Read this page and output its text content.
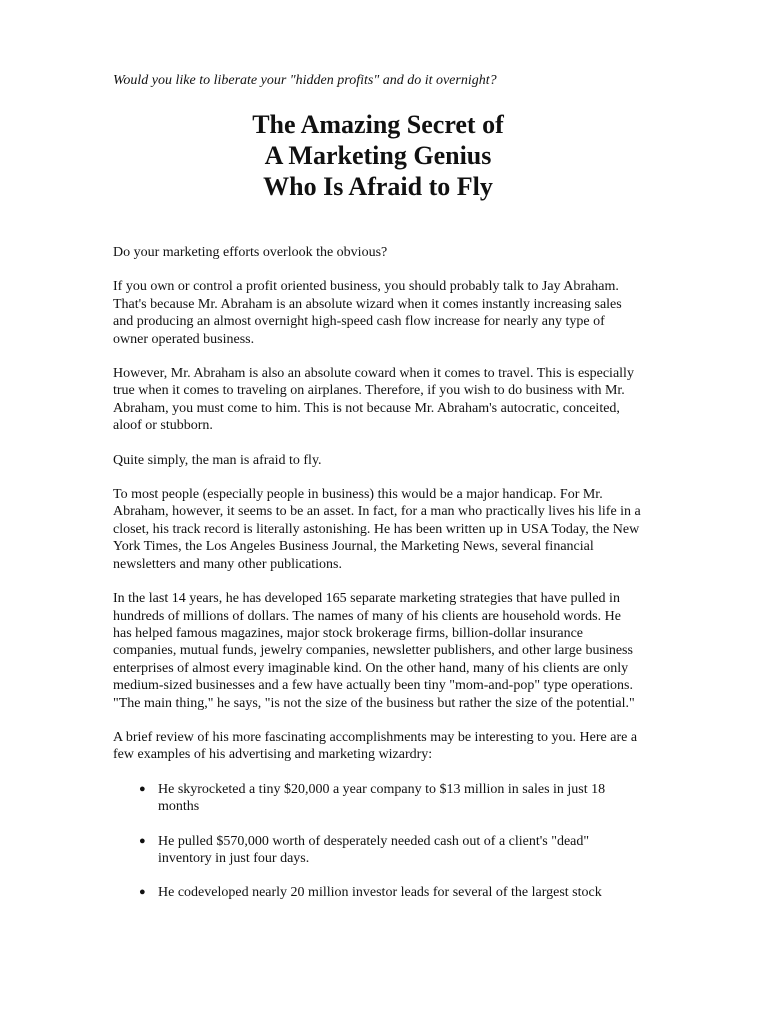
Would you like to liberate your "hidden profits" and do it overnight?

The Amazing Secret of
A Marketing Genius
Who Is Afraid to Fly

Do your marketing efforts overlook the obvious?

If you own or control a profit oriented business, you should probably talk to Jay Abraham. That's because Mr. Abraham is an absolute wizard when it comes instantly increasing sales and producing an almost overnight high-speed cash flow increase for nearly any type of owner operated business.

However, Mr. Abraham is also an absolute coward when it comes to travel. This is especially true when it comes to traveling on airplanes. Therefore, if you wish to do business with Mr. Abraham, you must come to him. This is not because Mr. Abraham's autocratic, conceited, aloof or stubborn.

Quite simply, the man is afraid to fly.

To most people (especially people in business) this would be a major handicap. For Mr. Abraham, however, it seems to be an asset. In fact, for a man who practically lives his life in a closet, his track record is literally astonishing. He has been written up in USA Today, the New York Times, the Los Angeles Business Journal, the Marketing News, several financial newsletters and many other publications.

In the last 14 years, he has developed 165 separate marketing strategies that have pulled in hundreds of millions of dollars. The names of many of his clients are household words. He has helped famous magazines, major stock brokerage firms, billion-dollar insurance companies, mutual funds, jewelry companies, newsletter publishers, and other large business enterprises of almost every imaginable kind. On the other hand, many of his clients are only medium-sized businesses and a few have actually been tiny "mom-and-pop" type operations. "The main thing," he says, "is not the size of the business but rather the size of the potential."

A brief review of his more fascinating accomplishments may be interesting to you. Here are a few examples of his advertising and marketing wizardry:

● He skyrocketed a tiny $20,000 a year company to $13 million in sales in just 18 months
● He pulled $570,000 worth of desperately needed cash out of a client's "dead" inventory in just four days.
● He codeveloped nearly 20 million investor leads for several of the largest stock
